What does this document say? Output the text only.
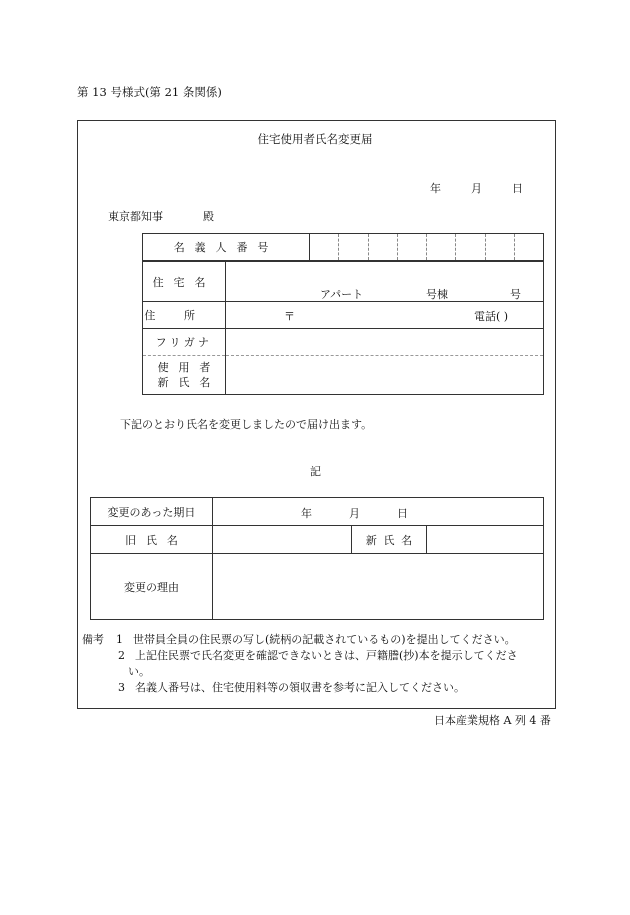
第 13 号様式(第 21 条関係)
住宅使用者氏名変更届
年	月	日
東京都知事	殿
名義人番号								
住宅名	アパート 号棟 号

住所	〒 電話( )

フリガナ	

使用者
新氏名	

下記のとおり氏名を変更しましたので届け出ます。
記
変更のあった期日	年 月 日		

旧氏名		新氏名	
変更の理由			
備考 1 世帯員全員の住民票の写し(続柄の記載されているもの)を提出してください。
2 上記住民票で氏名変更を確認できないときは、戸籍謄(抄)本を提示してくださ
い。
3 名義人番号は、住宅使用料等の領収書を参考に記入してください。
日本産業規格 A 列 4 番
